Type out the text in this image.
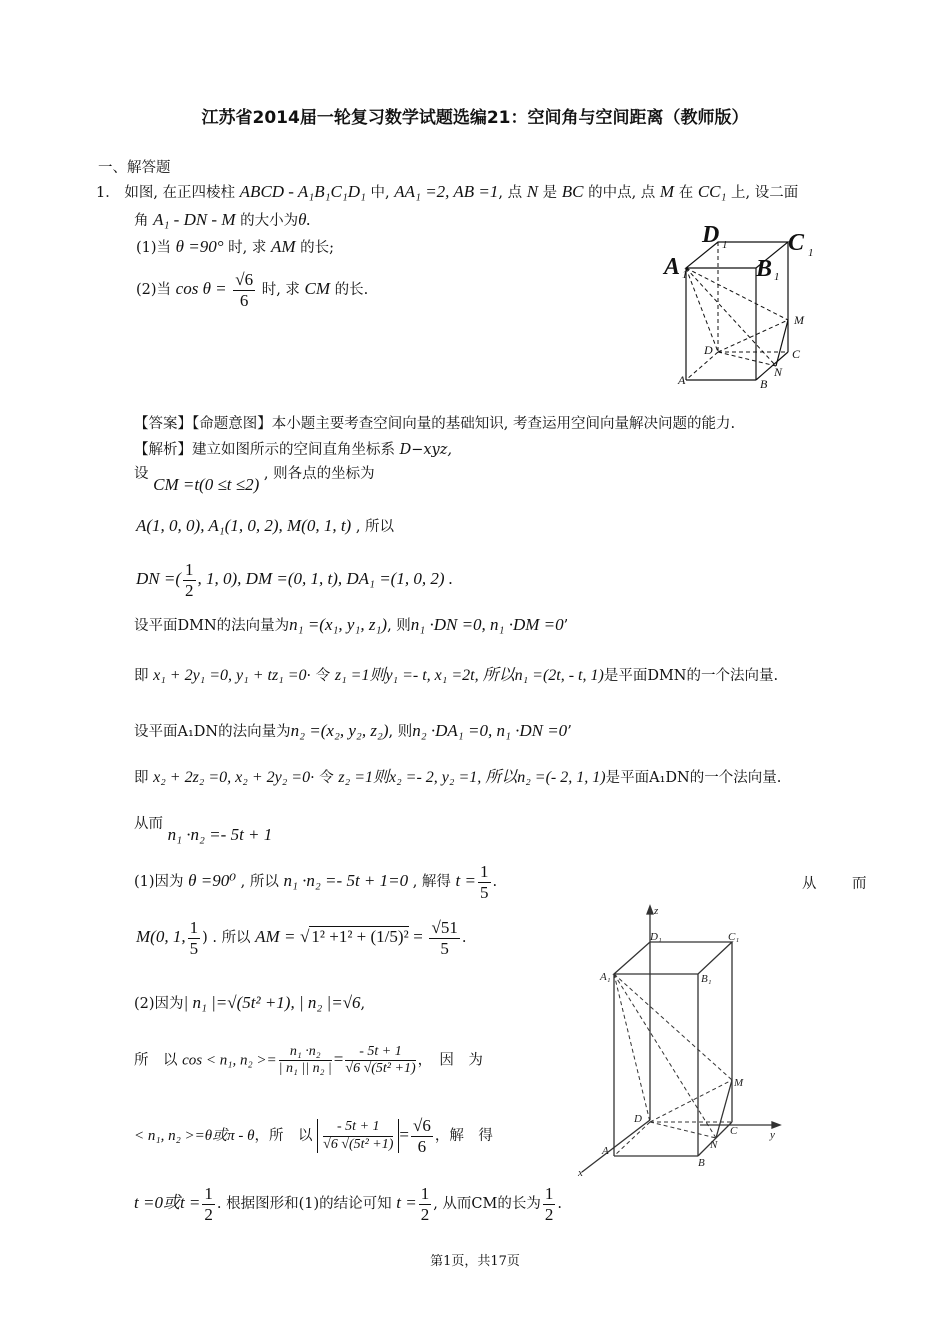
江苏省2014届一轮复习数学试题选编21：空间角与空间距离（教师版）
一、解答题
1． 如图, 在正四棱柱 ABCD - A₁B₁C₁D₁ 中, AA₁ =2, AB =1, 点 N 是 BC 的中点, 点 M 在 CC₁ 上, 设二面
角 A₁ - DN - M 的大小为θ.
(1)当 θ =90° 时, 求 AM 的长;
(2)当 $\cos \theta = \frac{√6}{6}$ 时, 求 CM 的长.
A 1
D 1	C 1
B 1
M
D	C
N
A	B
【答案】【命题意图】本小题主要考查空间向量的基础知识, 考查运用空间向量解决问题的能力.
【解析】建立如图所示的空间直角坐标系 D−xyz,
设 CM =t(0 ≤t ≤2) , 则各点的坐标为
A(1, 0, 0), A₁(1, 0, 2), M(0, 1, t) , 所以
DN =( $\frac{1}{2}$ , 1, 0), DM =(0, 1, t), DA₁ =(1, 0, 2) .
设平面DMN的法向量为n₁ =(x₁, y₁, z₁), 则n₁ ·DN =0, n₁ ·DM =0’
即 x₁ + 2y₁ =0, y₁ + tz₁ =0· 令 z₁ =1则y₁ =- t, x₁ =2t, 所以n₁ =(2t, - t, 1)是平面DMN的一个法向量.
设平面A₁DN的法向量为n₂ =(x₂, y₂, z₂), 则n₂ ·DA₁ =0, n₁ ·DN =0’
即 x₂ + 2z₂ =0, x₂ + 2y₂ =0· 令 z₂ =1则x₂ =- 2, y₂ =1, 所以n₂ =(- 2, 1, 1)是平面A₁DN的一个法向量.
从而 n₁ ·n₂ =- 5t + 1
(1)因为 θ =90⁰ , 所以 n₁ ·n₂ =- 5t + 1=0 , 解得 $t = \frac{1}{5}$ .	从 而
M(0, 1, $\frac{1}{5}$ ) . 所以 AM = √ $1^2 +1^2 + (1/5)^2 = \frac{√51}{5}$ .
(2)因为| n₁ |=√(5t² +1), | n₂ |=√6,
所　以 cos < n₁, $n_2 >= \frac{\text{n₁ ·n₂}}{\text{| n₁ || n₂ |}} = \frac{- 5t + 1}{\text{√6 √(5t² +1)}}$ ，　因　为
< n₁, n₂ >=θ或π - θ，所　以 $\frac{- 5t + 1}{\text{√6 √(5t² +1)}} = \frac{√6}{6}$ ，解　得
t =0或$t = \frac{1}{2}$ . 根据图形和(1)的结论可知 $t = \frac{1}{2}$ , 从而CM的长为 $\frac{1}{2}$ .
z
D₁	C₁
A₁	B₁
M
D
C
N
A
B
x
y
第1页，共17页
